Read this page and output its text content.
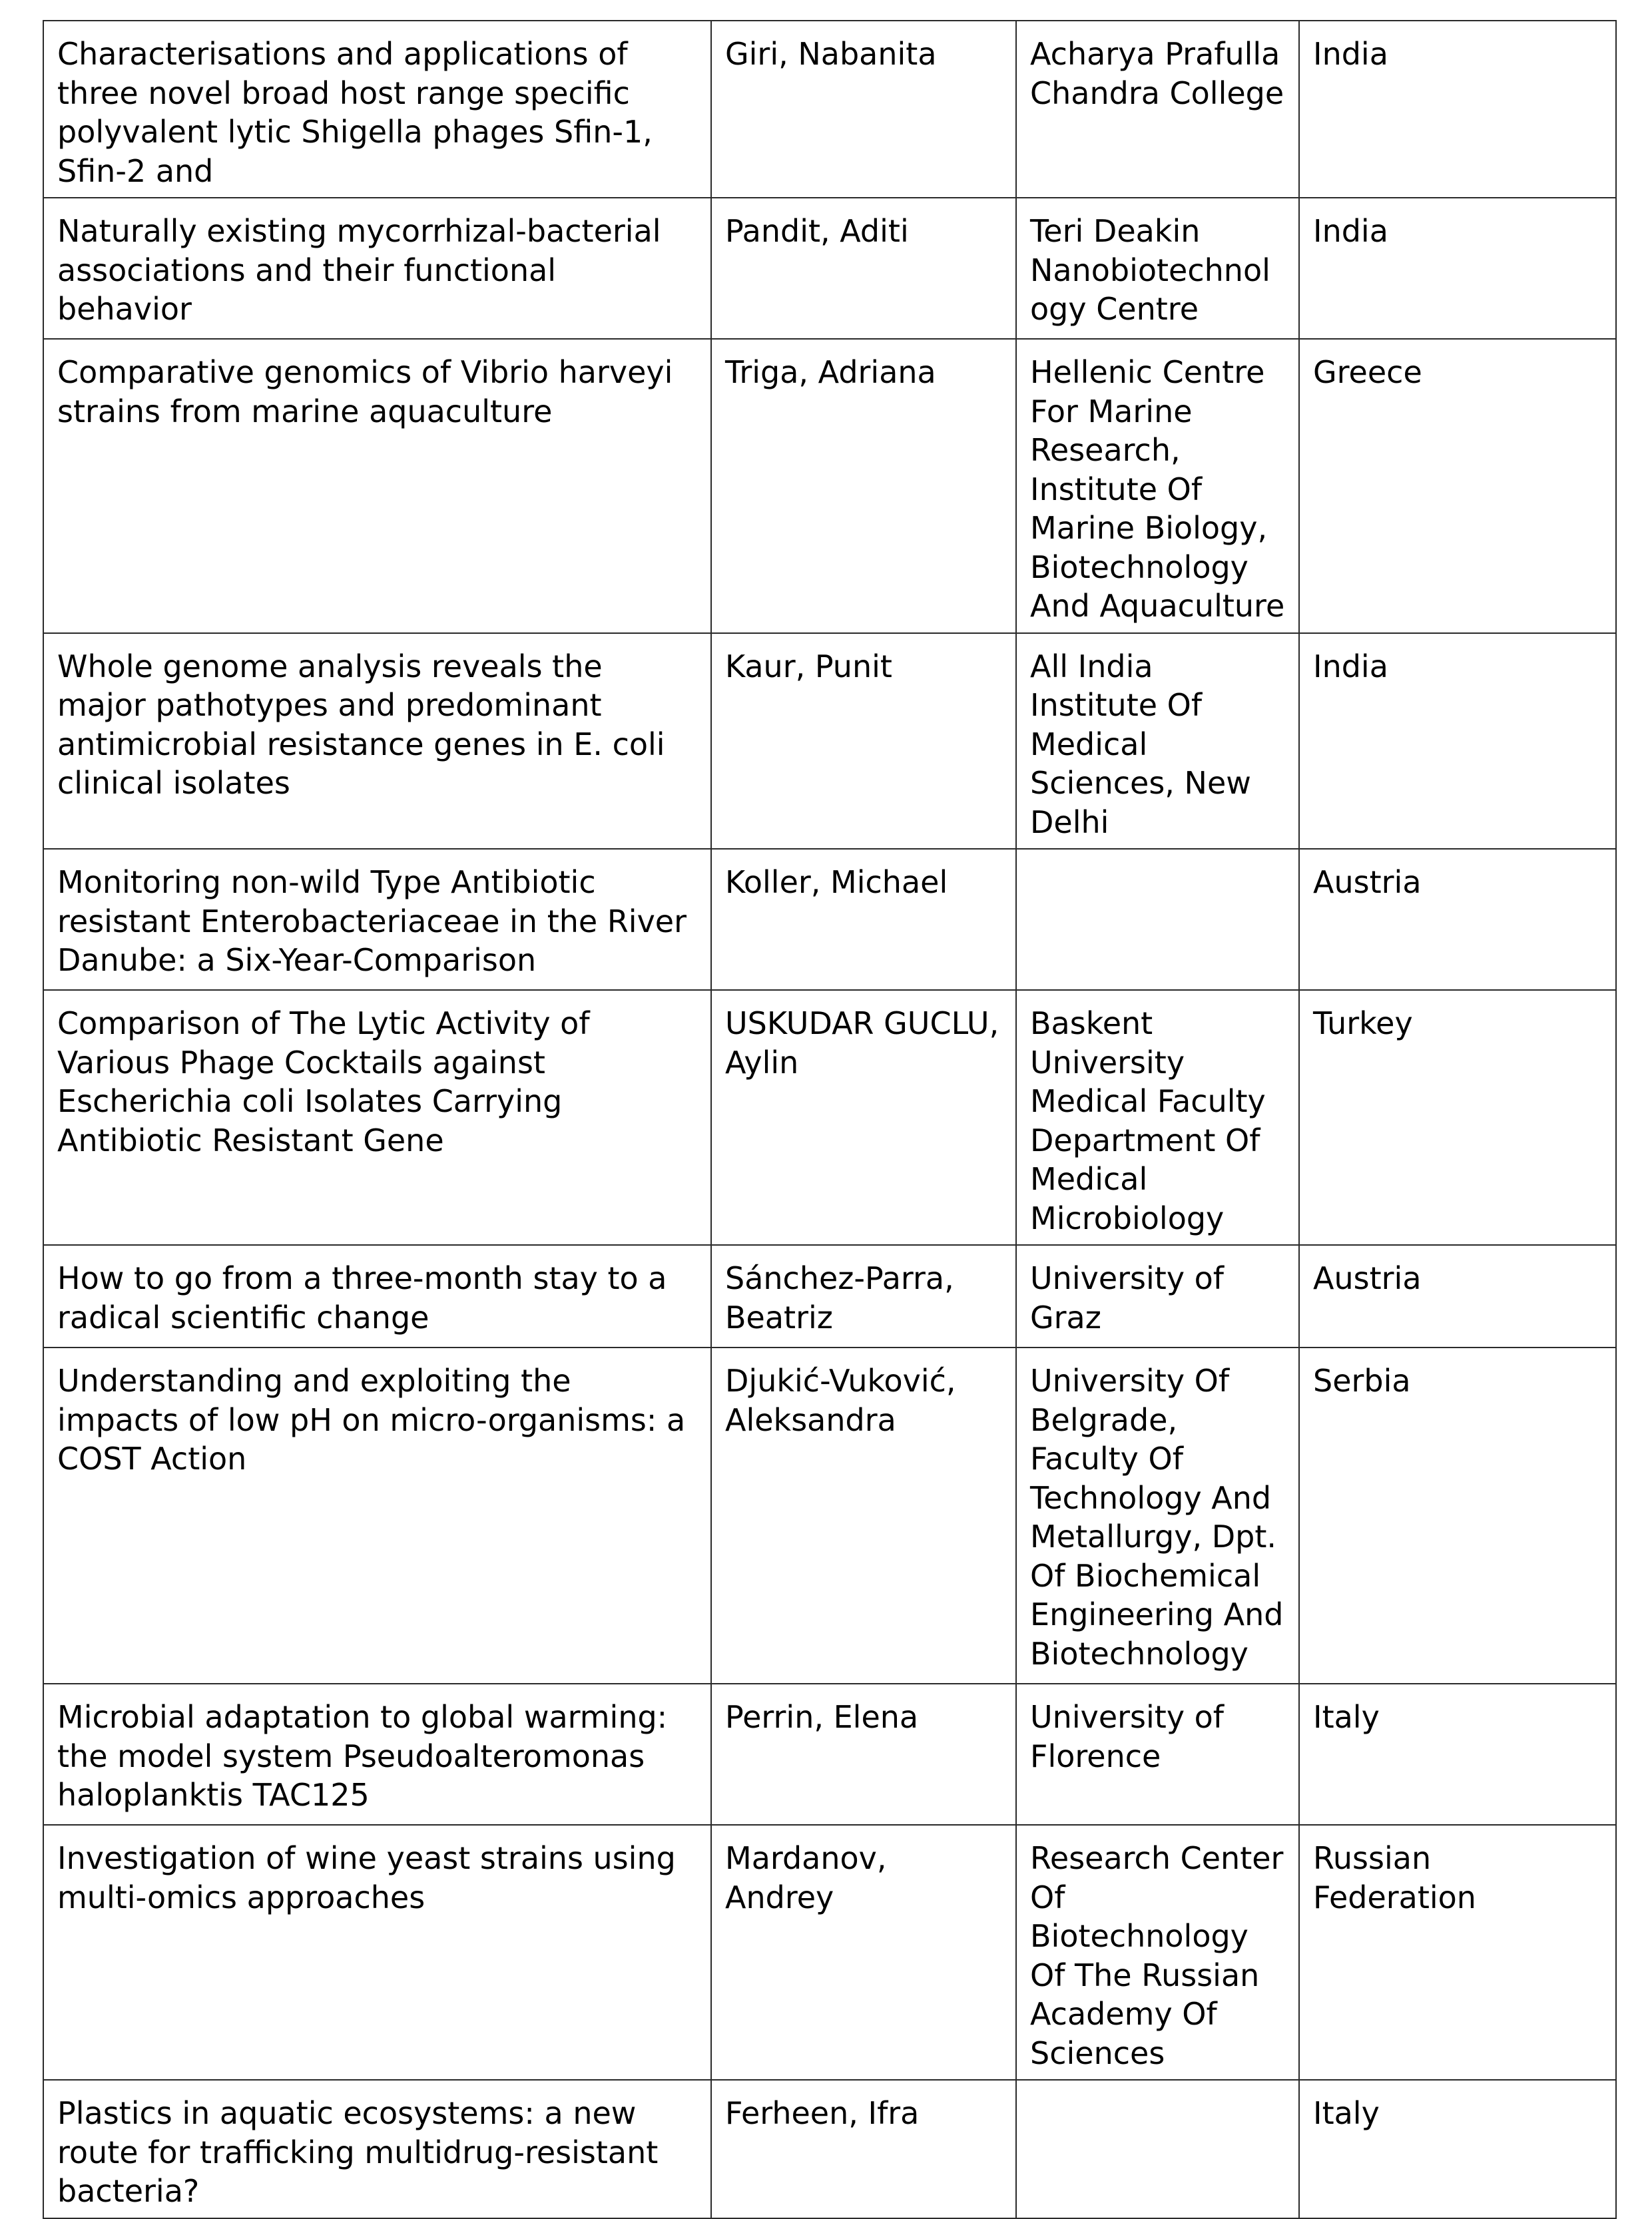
Characterisations and applications of three novel broad host range specific polyvalent lytic Shigella phages Sfin-1, Sfin-2 and	Giri, Nabanita	Acharya Prafulla Chandra College	India
Naturally existing mycorrhizal-bacterial associations and their functional behavior	Pandit, Aditi	Teri Deakin Nanobiotechnology Centre	India
Comparative genomics of Vibrio harveyi strains from marine aquaculture	Triga, Adriana	Hellenic Centre For Marine Research, Institute Of Marine Biology, Biotechnology And Aquaculture	Greece
Whole genome analysis reveals the major pathotypes and predominant antimicrobial resistance genes in E. coli clinical isolates	Kaur, Punit	All India Institute Of Medical Sciences, New Delhi	India
Monitoring non-wild Type Antibiotic resistant Enterobacteriaceae in the River Danube: a Six-Year-Comparison	Koller, Michael		Austria
Comparison of The Lytic Activity of Various Phage Cocktails against Escherichia coli Isolates Carrying Antibiotic Resistant Gene	USKUDAR GUCLU, Aylin	Baskent University Medical Faculty Department Of Medical Microbiology	Turkey
How to go from a three-month stay to a radical scientific change	Sánchez-Parra, Beatriz	University of Graz	Austria
Understanding and exploiting the impacts of low pH on micro-organisms: a COST Action	Djukić-Vuković, Aleksandra	University Of Belgrade, Faculty Of Technology And Metallurgy, Dpt. Of Biochemical Engineering And Biotechnology	Serbia
Microbial adaptation to global warming: the model system Pseudoalteromonas haloplanktis TAC125	Perrin, Elena	University of Florence	Italy
Investigation of wine yeast strains using multi-omics approaches	Mardanov, Andrey	Research Center Of Biotechnology Of The Russian Academy Of Sciences	Russian Federation
Plastics in aquatic ecosystems: a new route for trafficking multidrug-resistant bacteria?	Ferheen, Ifra		Italy
